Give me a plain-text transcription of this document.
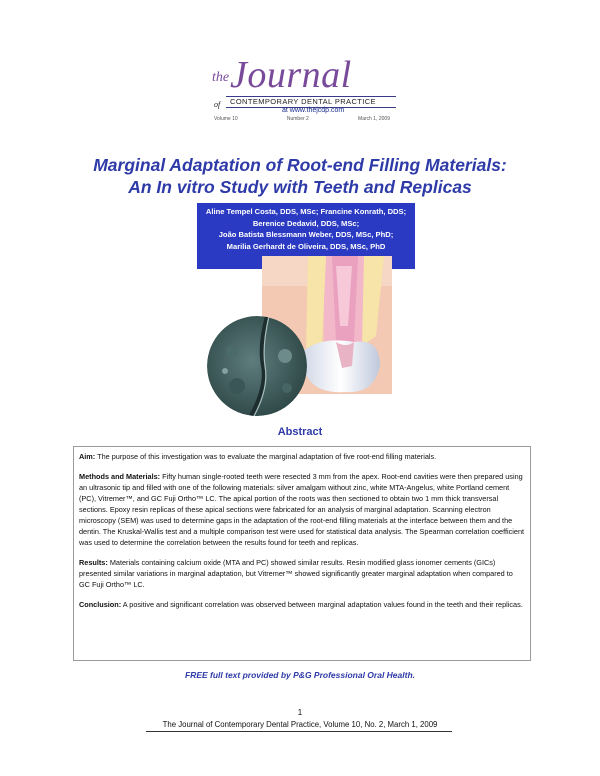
the Journal
of CONTEMPORARY DENTAL PRACTICE
at www.thejcdp.com
Volume 10	Number 2	March 1, 2009
Marginal Adaptation of Root-end Filling Materials:
An In vitro Study with Teeth and Replicas
Aline Tempel Costa, DDS, MSc; Francine Konrath, DDS;
Berenice Dedavid, DDS, MSc;
João Batista Blessmann Weber, DDS, MSc, PhD;
Marilia Gerhardt de Oliveira, DDS, MSc, PhD
Abstract

Aim: The purpose of this investigation was to evaluate the marginal adaptation of five root-end filling materials.

Methods and Materials: Fifty human single-rooted teeth were resected 3 mm from the apex. Root-end cavities were then prepared using an ultrasonic tip and filled with one of the following materials: silver amalgam without zinc, white MTA-Angelus, white Portland cement (PC), Vitremer™, and GC Fuji Ortho™ LC. The apical portion of the roots was then sectioned to obtain two 1 mm thick transversal sections. Epoxy resin replicas of these apical sections were fabricated for an analysis of marginal adaptation. Scanning electron microscopy (SEM) was used to determine gaps in the adaptation of the root-end filling materials at the interface between them and the dentin. The Kruskal-Wallis test and a multiple comparison test were used for statistical data analysis. The Spearman correlation coefficient was used to determine the correlation between the results found for teeth and replicas.

Results: Materials containing calcium oxide (MTA and PC) showed similar results. Resin modified glass ionomer cements (GICs) presented similar variations in marginal adaptation, but Vitremer™ showed significantly greater marginal adaptation when compared to GC Fuji Ortho™ LC.

Conclusion: A positive and significant correlation was observed between marginal adaptation values found in the teeth and their replicas.

FREE full text provided by P&G Professional Oral Health.
1
The Journal of Contemporary Dental Practice, Volume 10, No. 2, March 1, 2009
